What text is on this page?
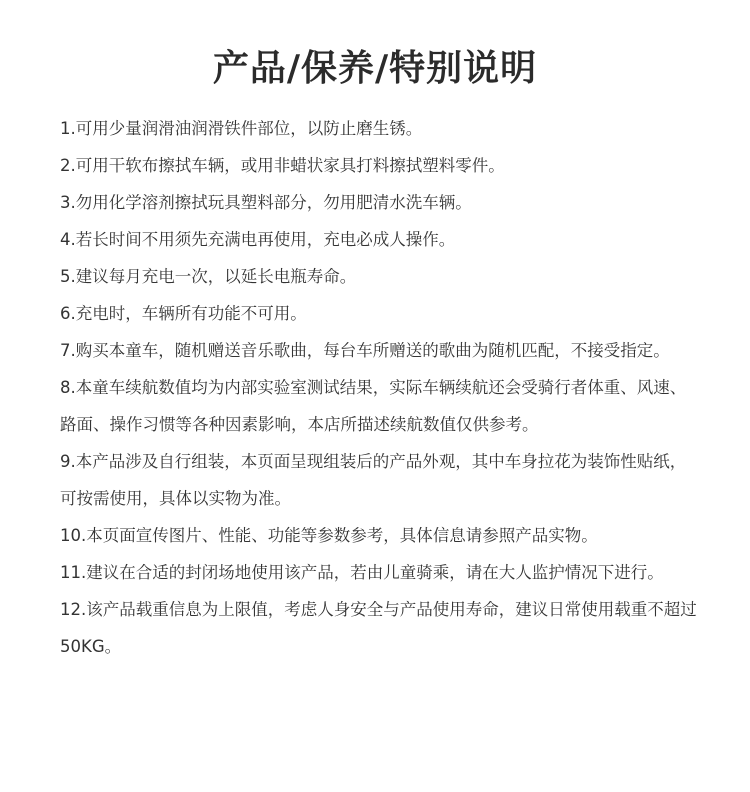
产品/保养/特别说明
1.可用少量润滑油润滑铁件部位，以防止磨生锈。
2.可用干软布擦拭车辆，或用非蜡状家具打料擦拭塑料零件。
3.勿用化学溶剂擦拭玩具塑料部分，勿用肥清水洗车辆。
4.若长时间不用须先充满电再使用，充电必成人操作。
5.建议每月充电一次，以延长电瓶寿命。
6.充电时，车辆所有功能不可用。
7.购买本童车，随机赠送音乐歌曲，每台车所赠送的歌曲为随机匹配，不接受指定。
8.本童车续航数值均为内部实验室测试结果，实际车辆续航还会受骑行者体重、风速、路面、操作习惯等各种因素影响，本店所描述续航数值仅供参考。
9.本产品涉及自行组装，本页面呈现组装后的产品外观，其中车身拉花为装饰性贴纸，可按需使用，具体以实物为准。
10.本页面宣传图片、性能、功能等参数参考，具体信息请参照产品实物。
11.建议在合适的封闭场地使用该产品，若由儿童骑乘，请在大人监护情况下进行。
12.该产品载重信息为上限值，考虑人身安全与产品使用寿命，建议日常使用载重不超过50KG。
